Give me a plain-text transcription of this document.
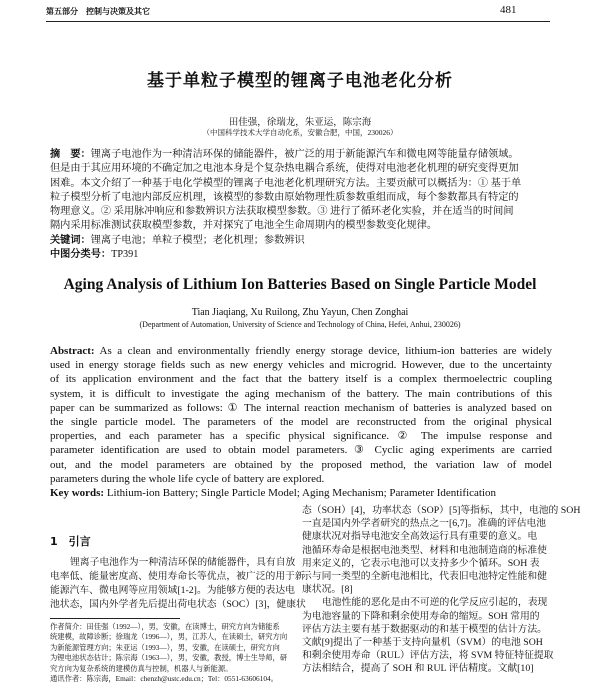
第五部分　控制与决策及其它	481
基于单粒子模型的锂离子电池老化分析
田佳强，徐瑞龙，朱亚运，陈宗海
（中国科学技术大学自动化系，安徽合肥，中国，230026）
摘　要：锂离子电池作为一种清洁环保的储能器件，被广泛的用于新能源汽车和微电网等能量存储领域。
但是由于其应用环境的不确定加之电池本身是个复杂热电耦合系统，使得对电池老化机理的研究变得更加
困难。本文介绍了一种基于电化学模型的锂离子电池老化机理研究方法。主要贡献可以概括为：① 基于单
粒子模型分析了电池内部反应机理，该模型的参数由原始物理性质参数重组而成，每个参数都具有特定的
物理意义。② 采用脉冲响应和参数辨识方法获取模型参数。③ 进行了循环老化实验，并在适当的时间间
隔内采用标准测试获取模型参数，并对探究了电池全生命周期内的模型参数变化规律。
关键词：锂离子电池；单粒子模型；老化机理；参数辨识
中图分类号：TP391
Aging Analysis of Lithium Ion Batteries Based on Single Particle Model
Tian Jiaqiang, Xu Ruilong, Zhu Yayun, Chen Zonghai
(Department of Automation, University of Science and Technology of China, Hefei, Anhui, 230026)
Abstract: As a clean and environmentally friendly energy storage device, lithium-ion batteries are widely
used in energy storage fields such as new energy vehicles and microgrid. However, due to the uncertainty
of its application environment and the fact that the battery itself is a complex thermoelectric coupling
system, it is difficult to investigate the aging mechanism of the battery. The main contributions of this
paper can be summarized as follows: ① The internal reaction mechanism of batteries is analyzed based on
the single particle model. The parameters of the model are reconstructed from the original physical
properties, and each parameter has a specific physical significance. ② The impulse response and
parameter identification are used to obtain model parameters. ③ Cyclic aging experiments are carried
out, and the model parameters are obtained by the proposed method, the variation law of model
parameters during the whole life cycle of battery are explored.
Key words: Lithium-ion Battery; Single Particle Model; Aging Mechanism; Parameter Identification
1　引言
锂离子电池作为一种清洁环保的储能器件，具有自放
电率低、能量密度高、使用寿命长等优点，被广泛的用于新
能源汽车、微电网等应用领域[1-2]。为能够方便的表达电
池状态，国内外学者先后提出荷电状态（SOC）[3]，健康状
作者简介：田佳强（1992—），男，安徽，在读博士，研究方向为储能系
统建模，故障诊断；徐瑞龙（1996—），男，江苏人，在读硕士，研究方向
为新能源管理方向；朱亚运（1993—），男，安徽，在读硕士，研究方向
为锂电池状态估计；陈宗海（1963—），男，安徽，教授，博士生导师，研
究方向为复杂系统的建模仿真与控制，机器人与新能源。
通讯作者：陈宗海，Email：chenzh@ustc.edu.cn；Tel：0551-63606104。
态（SOH）[4]，功率状态（SOP）[5]等指标，其中，电池的 SOH
一直是国内外学者研究的热点之一[6,7]。准确的评估电池
健康状况对指导电池安全高效运行具有重要的意义。电
池循环寿命是根据电池类型、材料和电池制造商的标准使
用来定义的，它表示电池可以支持多少个循环。SOH 表
示与同一类型的全新电池相比，代表旧电池特定性能和健
康状况。[8]
电池性能的恶化是由不可逆的化学反应引起的，表现
为电池容量的下降和剩余使用寿命的缩短。SOH 常用的
评估方法主要有基于数据驱动的和基于模型的估计方法。
文献[9]提出了一种基于支持向量机（SVM）的电池 SOH
和剩余使用寿命（RUL）评估方法，将 SVM 特征特征提取
方法相结合，提高了 SOH 和 RUL 评估精度。文献[10]
